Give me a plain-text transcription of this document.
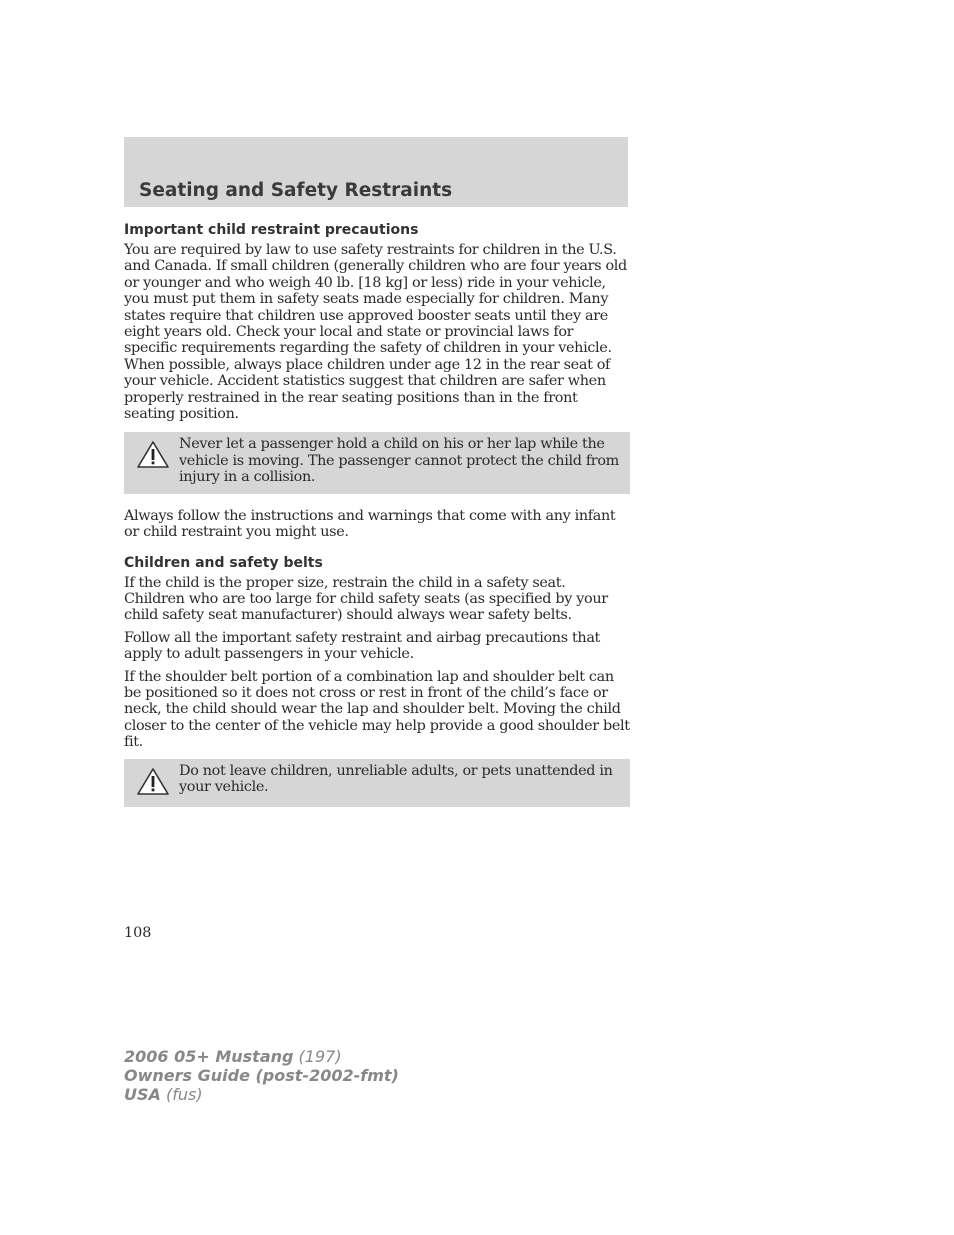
Seating and Safety Restraints
Important child restraint precautions

You are required by law to use safety restraints for children in the U.S. and Canada. If small children (generally children who are four years old or younger and who weigh 40 lb. [18 kg] or less) ride in your vehicle, you must put them in safety seats made especially for children. Many states require that children use approved booster seats until they are eight years old. Check your local and state or provincial laws for specific requirements regarding the safety of children in your vehicle. When possible, always place children under age 12 in the rear seat of your vehicle. Accident statistics suggest that children are safer when properly restrained in the rear seating positions than in the front seating position.

Never let a passenger hold a child on his or her lap while the vehicle is moving. The passenger cannot protect the child from injury in a collision.

Always follow the instructions and warnings that come with any infant or child restraint you might use.

Children and safety belts

If the child is the proper size, restrain the child in a safety seat. Children who are too large for child safety seats (as specified by your child safety seat manufacturer) should always wear safety belts.

Follow all the important safety restraint and airbag precautions that apply to adult passengers in your vehicle.

If the shoulder belt portion of a combination lap and shoulder belt can be positioned so it does not cross or rest in front of the child’s face or neck, the child should wear the lap and shoulder belt. Moving the child closer to the center of the vehicle may help provide a good shoulder belt fit.

Do not leave children, unreliable adults, or pets unattended in your vehicle.
108
2006 05+ Mustang (197)
Owners Guide (post-2002-fmt)
USA (fus)
